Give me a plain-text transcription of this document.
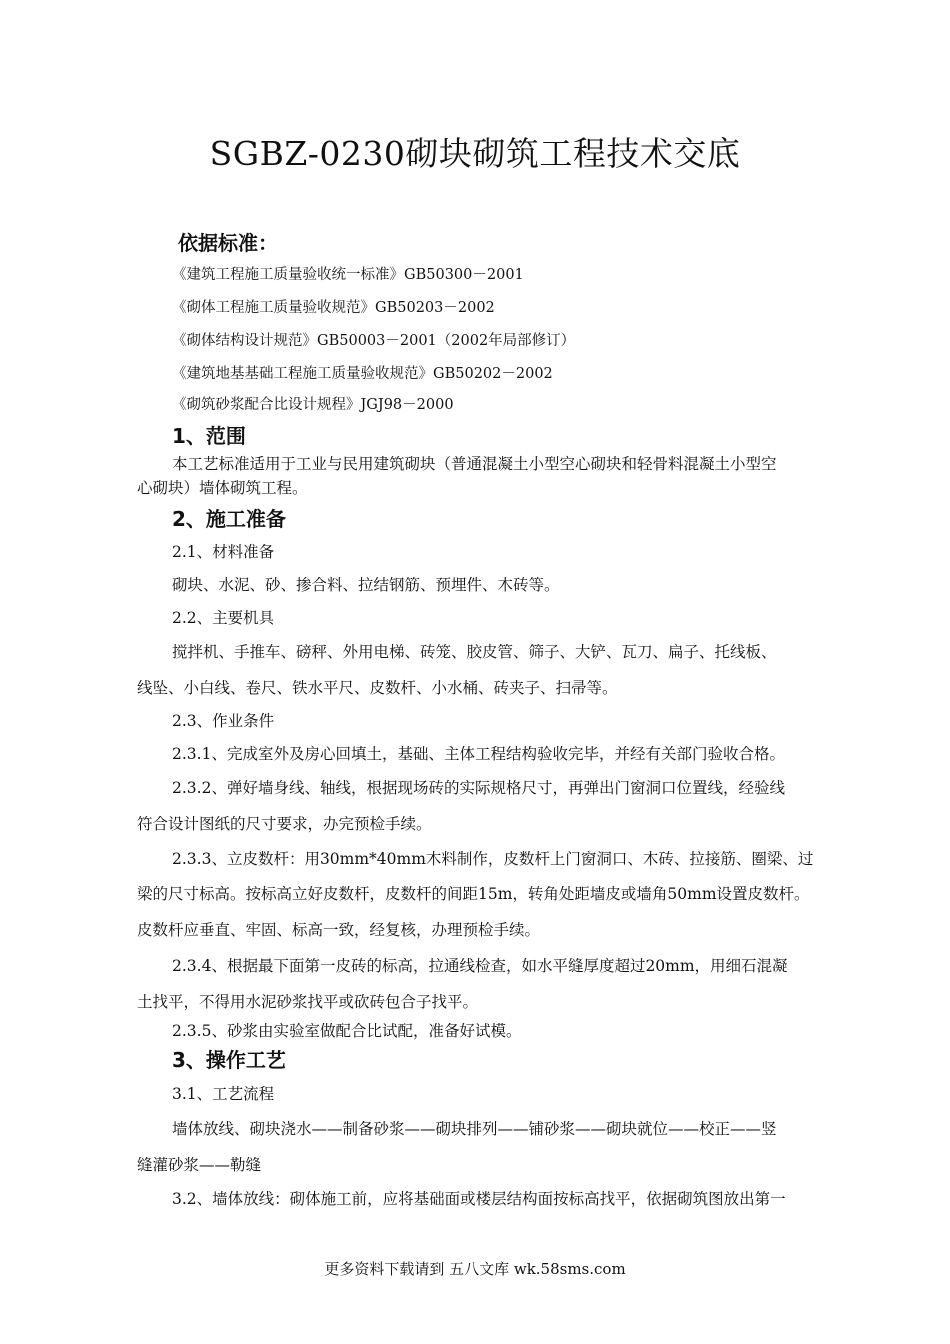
SGBZ-0230砌块砌筑工程技术交底
依据标准：
《建筑工程施工质量验收统一标准》GB50300－2001
《砌体工程施工质量验收规范》GB50203－2002
《砌体结构设计规范》GB50003－2001（2002年局部修订）
《建筑地基基础工程施工质量验收规范》GB50202－2002
《砌筑砂浆配合比设计规程》JGJ98－2000
1、范围
本工艺标准适用于工业与民用建筑砌块（普通混凝土小型空心砌块和轻骨料混凝土小型空
心砌块）墙体砌筑工程。
2、施工准备
2.1、材料准备
砌块、水泥、砂、掺合料、拉结钢筋、预埋件、木砖等。
2.2、主要机具
搅拌机、手推车、磅秤、外用电梯、砖笼、胶皮管、筛子、大铲、瓦刀、扁子、托线板、
线坠、小白线、卷尺、铁水平尺、皮数杆、小水桶、砖夹子、扫帚等。
2.3、作业条件
2.3.1、完成室外及房心回填土，基础、主体工程结构验收完毕，并经有关部门验收合格。
2.3.2、弹好墙身线、轴线，根据现场砖的实际规格尺寸，再弹出门窗洞口位置线，经验线
符合设计图纸的尺寸要求，办完预检手续。
2.3.3、立皮数杆：用30mm*40mm木料制作，皮数杆上门窗洞口、木砖、拉接筋、圈梁、过
梁的尺寸标高。按标高立好皮数杆，皮数杆的间距15m，转角处距墙皮或墙角50mm设置皮数杆。
皮数杆应垂直、牢固、标高一致，经复核，办理预检手续。
2.3.4、根据最下面第一皮砖的标高，拉通线检查，如水平缝厚度超过20mm，用细石混凝
土找平，不得用水泥砂浆找平或砍砖包合子找平。
2.3.5、砂浆由实验室做配合比试配，准备好试模。
3、操作工艺
3.1、工艺流程
墙体放线、砌块浇水——制备砂浆——砌块排列——铺砂浆——砌块就位——校正——竖
缝灌砂浆——勒缝
3.2、墙体放线：砌体施工前，应将基础面或楼层结构面按标高找平，依据砌筑图放出第一
更多资料下载请到 五八文库 wk.58sms.com
